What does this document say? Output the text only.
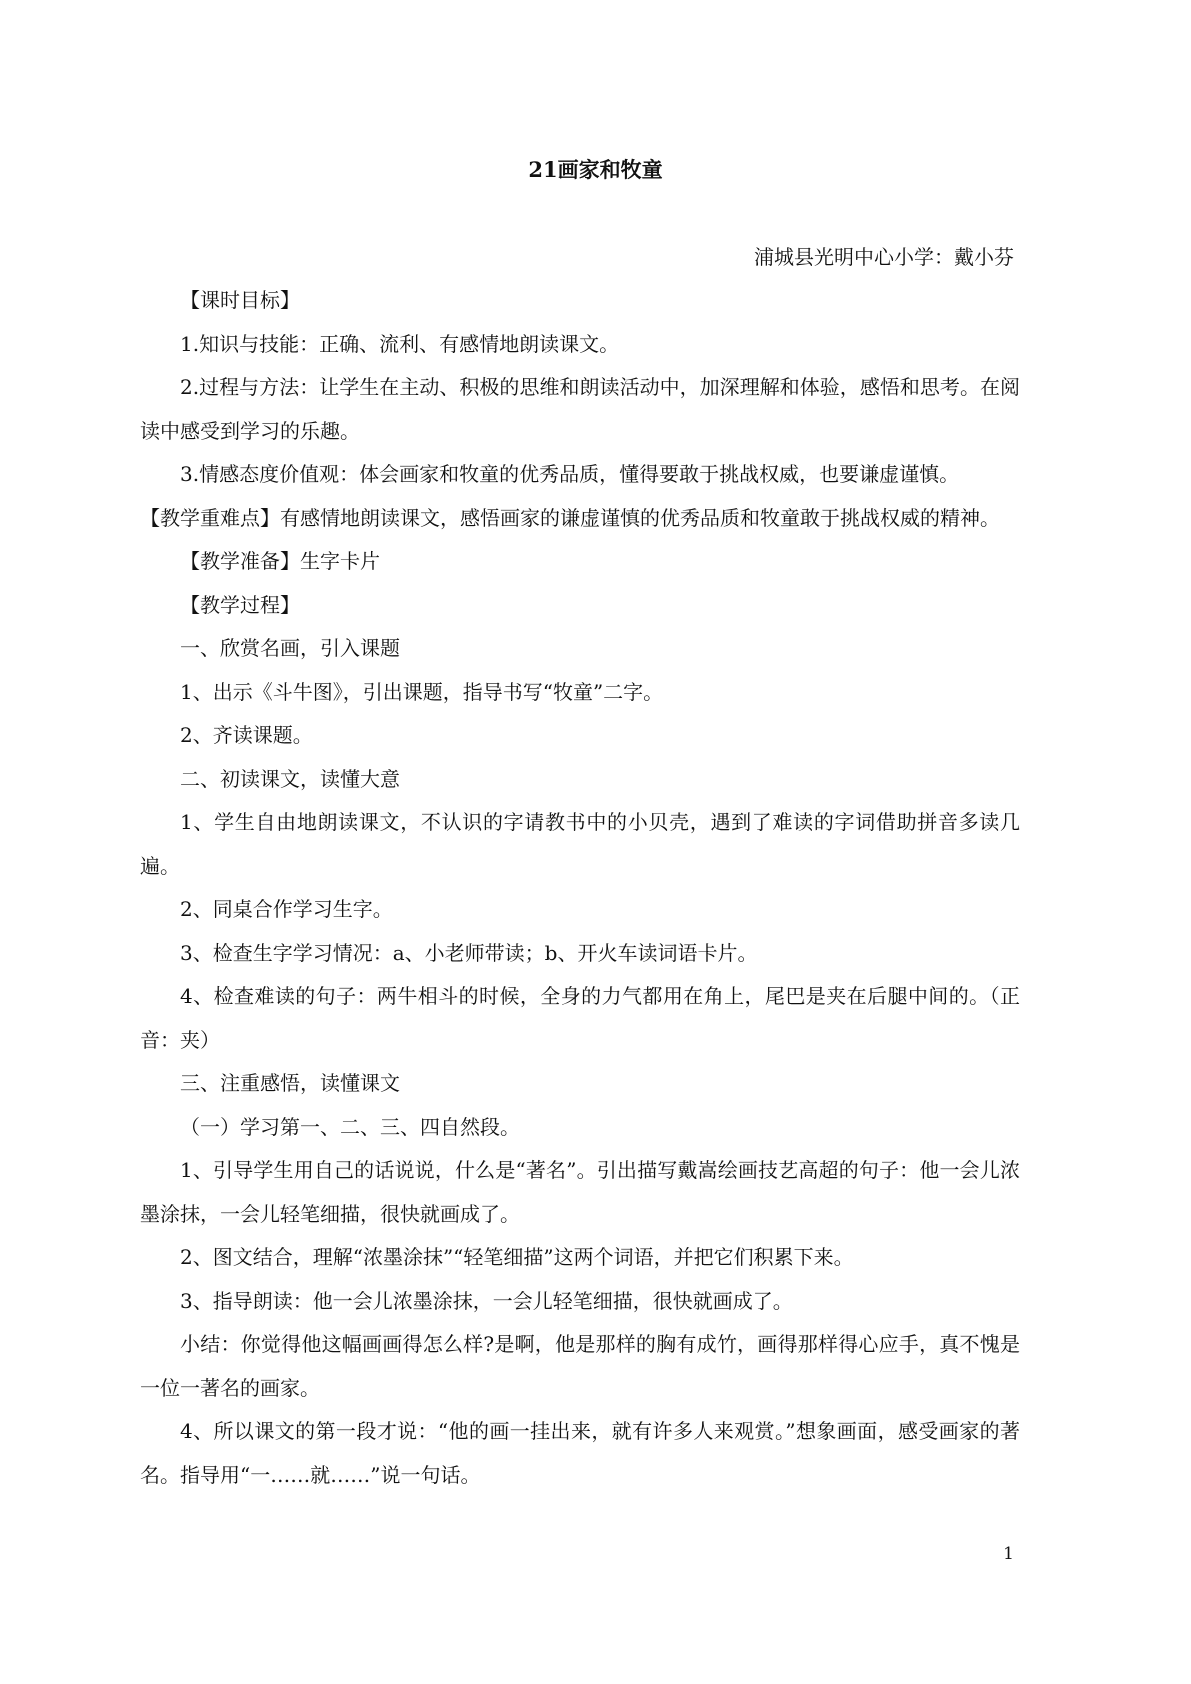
21画家和牧童
浦城县光明中心小学：戴小芬

【课时目标】

1.知识与技能：正确、流利、有感情地朗读课文。

2.过程与方法：让学生在主动、积极的思维和朗读活动中，加深理解和体验，感悟和思考。在阅读中感受到学习的乐趣。

3.情感态度价值观：体会画家和牧童的优秀品质，懂得要敢于挑战权威，也要谦虚谨慎。

【教学重难点】有感情地朗读课文，感悟画家的谦虚谨慎的优秀品质和牧童敢于挑战权威的精神。

【教学准备】生字卡片

【教学过程】

一、欣赏名画，引入课题

1、出示《斗牛图》，引出课题，指导书写“牧童”二字。

2、齐读课题。

二、初读课文，读懂大意

1、学生自由地朗读课文，不认识的字请教书中的小贝壳，遇到了难读的字词借助拼音多读几遍。

2、同桌合作学习生字。

3、检查生字学习情况：a、小老师带读；b、开火车读词语卡片。

4、检查难读的句子：两牛相斗的时候，全身的力气都用在角上，尾巴是夹在后腿中间的。（正音：夹）

三、注重感悟，读懂课文

（一）学习第一、二、三、四自然段。

1、引导学生用自己的话说说，什么是“著名”。引出描写戴嵩绘画技艺高超的句子：他一会儿浓墨涂抹，一会儿轻笔细描，很快就画成了。

2、图文结合，理解“浓墨涂抹”“轻笔细描”这两个词语，并把它们积累下来。

3、指导朗读：他一会儿浓墨涂抹，一会儿轻笔细描，很快就画成了。

小结：你觉得他这幅画画得怎么样?是啊，他是那样的胸有成竹，画得那样得心应手，真不愧是一位一著名的画家。

4、所以课文的第一段才说：“他的画一挂出来，就有许多人来观赏。”想象画面，感受画家的著名。指导用“一……就……”说一句话。

1
